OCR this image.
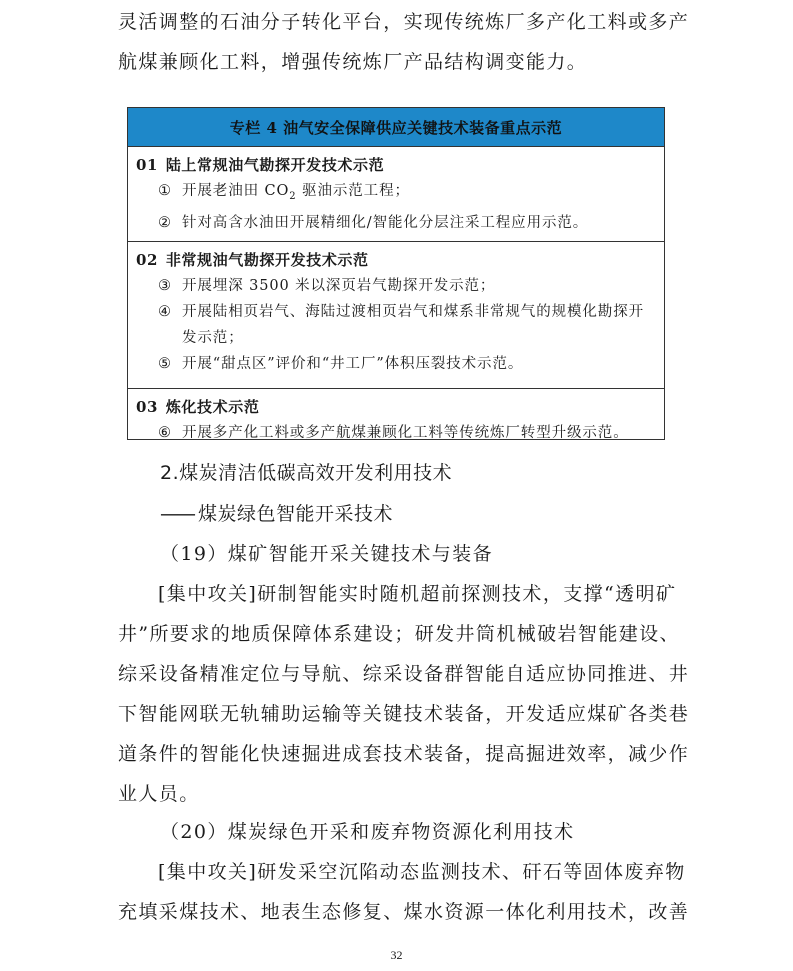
灵活调整的石油分子转化平台，实现传统炼厂多产化工料或多产
航煤兼顾化工料，增强传统炼厂产品结构调变能力。
专栏 4 油气安全保障供应关键技术装备重点示范
01 陆上常规油气勘探开发技术示范
① 开展老油田 $CO_2$ 驱油示范工程；
② 针对高含水油田开展精细化/智能化分层注采工程应用示范。
02 非常规油气勘探开发技术示范
③ 开展埋深 3500 米以深页岩气勘探开发示范；
④ 开展陆相页岩气、海陆过渡相页岩气和煤系非常规气的规模化勘探开发示范；
⑤ 开展“甜点区”评价和“井工厂”体积压裂技术示范。
03 炼化技术示范
⑥ 开展多产化工料或多产航煤兼顾化工料等传统炼厂转型升级示范。
2.煤炭清洁低碳高效开发利用技术
—— 煤炭绿色智能开采技术
（19）煤矿智能开采关键技术与装备
[集中攻关]研制智能实时随机超前探测技术，支撑“透明矿
井”所要求的地质保障体系建设；研发井筒机械破岩智能建设、
综采设备精准定位与导航、综采设备群智能自适应协同推进、井
下智能网联无轨辅助运输等关键技术装备，开发适应煤矿各类巷
道条件的智能化快速掘进成套技术装备，提高掘进效率，减少作
业人员。
（20）煤炭绿色开采和废弃物资源化利用技术
[集中攻关]研发采空沉陷动态监测技术、矸石等固体废弃物
充填采煤技术、地表生态修复、煤水资源一体化利用技术，改善
32
